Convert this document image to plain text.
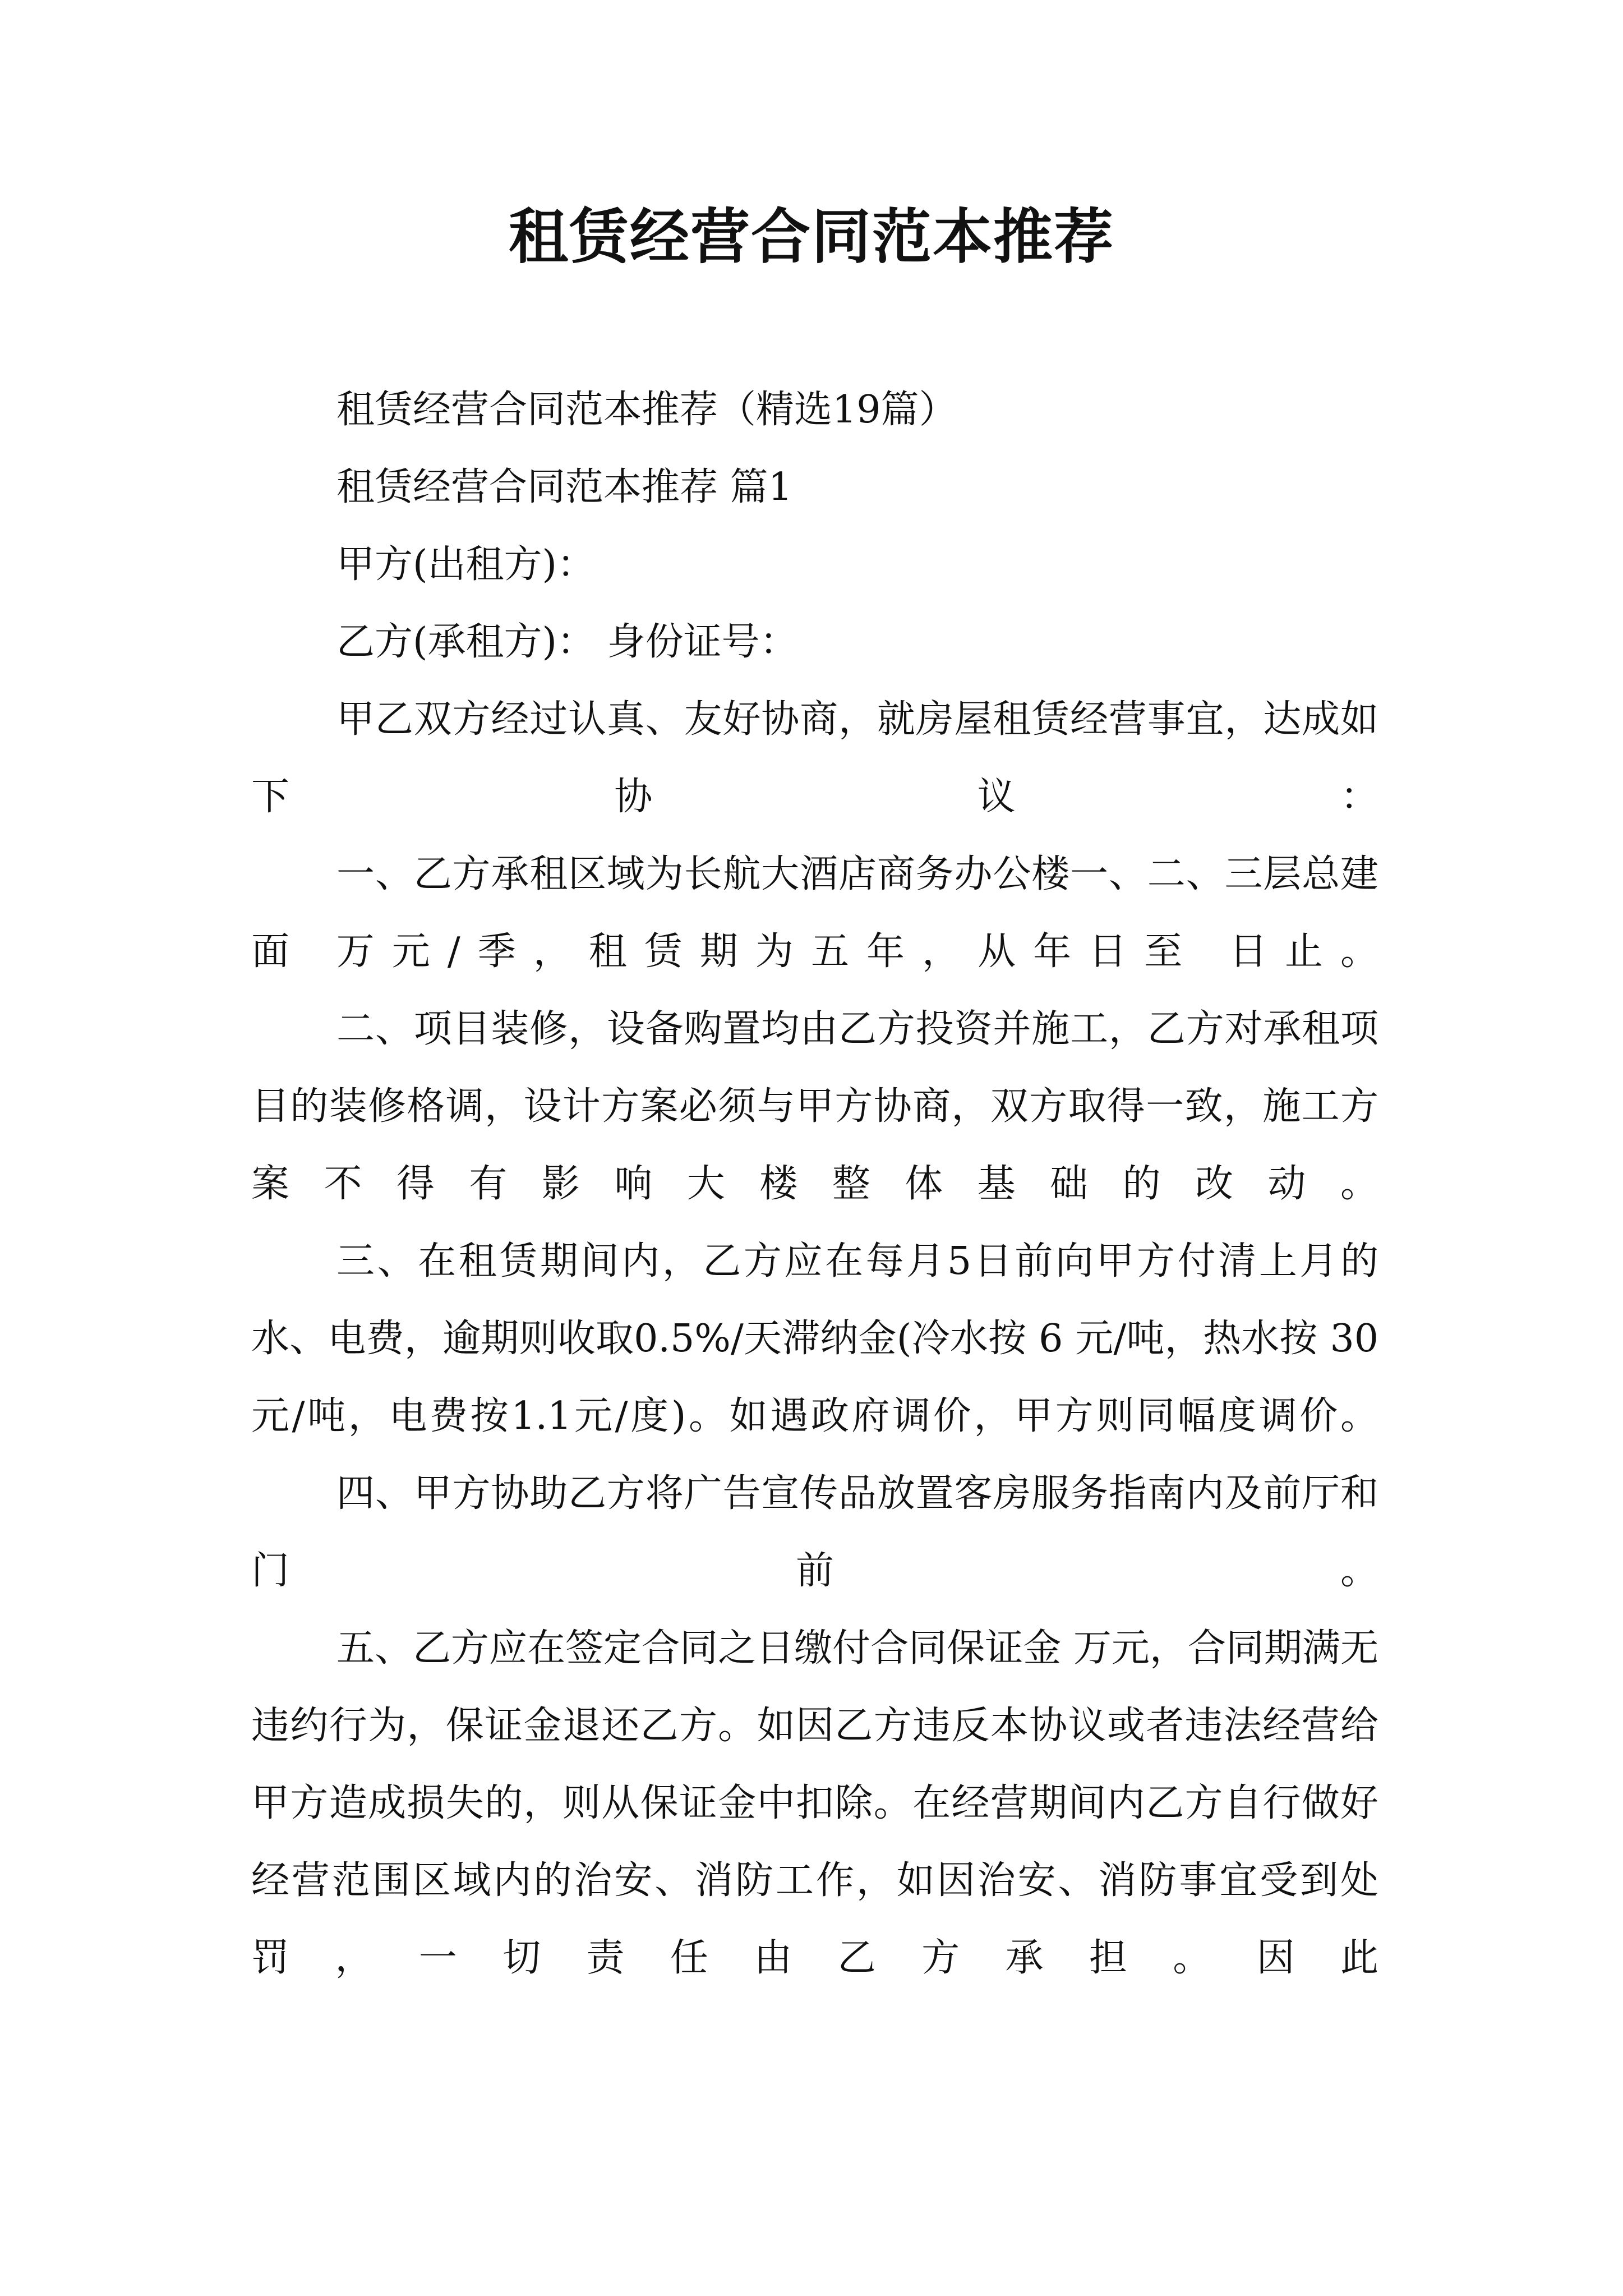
租赁经营合同范本推荐

租赁经营合同范本推荐（精选19篇）

租赁经营合同范本推荐 篇1

甲方(出租方)：

乙方(承租方)： 身份证号：

甲乙双方经过认真、友好协商，就房屋租赁经营事宜，达成如下协议：

一、乙方承租区域为长航大酒店商务办公楼一、二、三层总建面 万元/季，租赁期为五年，从年日至 日止。

二、项目装修，设备购置均由乙方投资并施工，乙方对承租项目的装修格调，设计方案必须与甲方协商，双方取得一致，施工方案不得有影响大楼整体基础的改动。

三、在租赁期间内，乙方应在每月5日前向甲方付清上月的水、电费，逾期则收取0.5%/天滞纳金(冷水按 6 元/吨，热水按 30元/吨，电费按1.1元/度)。如遇政府调价，甲方则同幅度调价。

四、甲方协助乙方将广告宣传品放置客房服务指南内及前厅和门前。

五、乙方应在签定合同之日缴付合同保证金 万元，合同期满无违约行为，保证金退还乙方。如因乙方违反本协议或者违法经营给甲方造成损失的，则从保证金中扣除。在经营期间内乙方自行做好经营范围区域内的治安、消防工作，如因治安、消防事宜受到处罚，一切责任由乙方承担。因此
